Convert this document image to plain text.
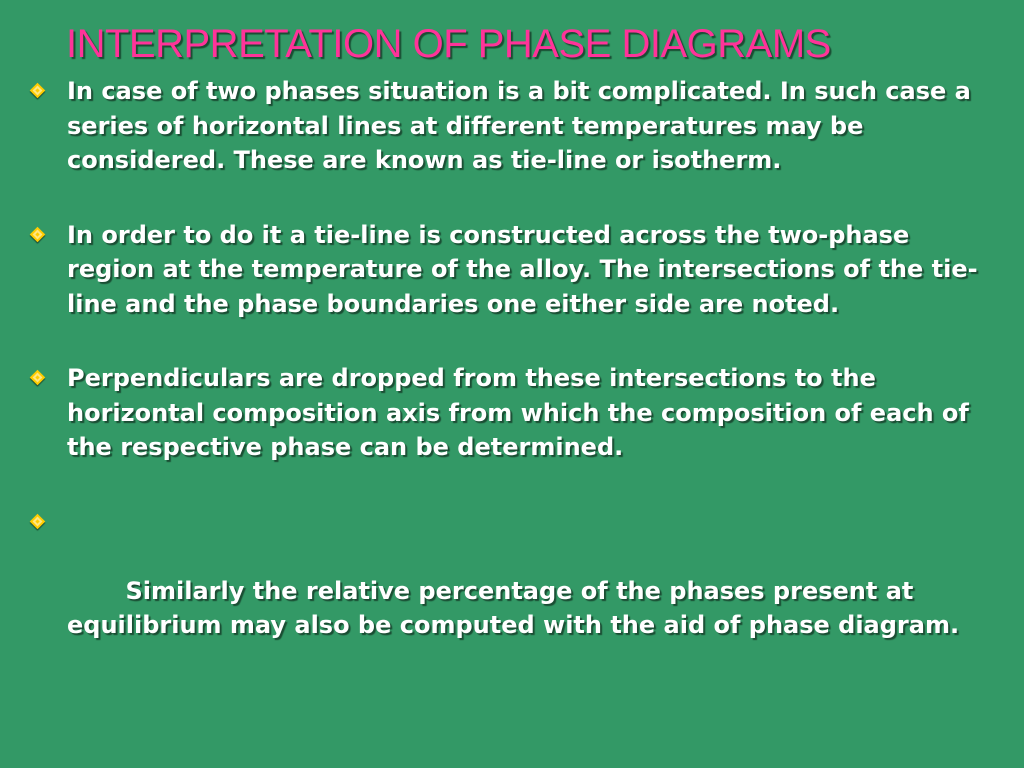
INTERPRETATION OF PHASE DIAGRAMS
In case of two phases situation is a bit complicated. In such case a series of horizontal lines at different temperatures may be considered. These are known as tie-line or isotherm.
In order to do it a tie-line is constructed across the two-phase region at the temperature of the alloy. The intersections of the tie-line and the phase boundaries one either side are noted.
Perpendiculars are dropped from these intersections to the horizontal composition axis from which the composition of each of the respective phase can be determined.

Similarly the relative percentage of the phases present at equilibrium may also be computed with the aid of phase diagram.
